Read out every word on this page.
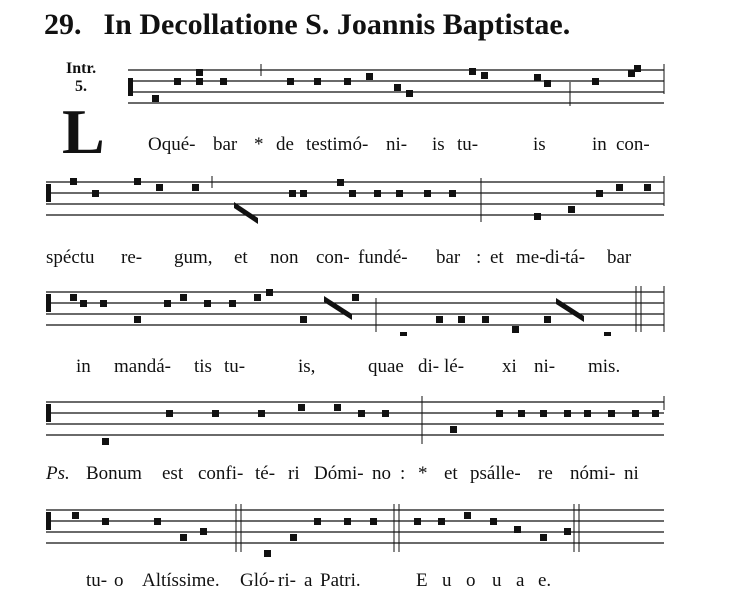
29. In Decollatione S. Joannis Baptistae.
Intr.
5.
L Oqué- bar * de testimó- ni- is tu-	is in con-
spéctu re- gum, et non con- fundé- bar : et me- di-
tá- bar
in mandá- tis tu-	is,	quae di- lé- xi ni- mis.
Ps. Bonum est confi- té- ri Dómi- no : * et psálle- re nómi- ni
tu- o Altíssime. Gló- ri- a Patri.	E u o u a e.
